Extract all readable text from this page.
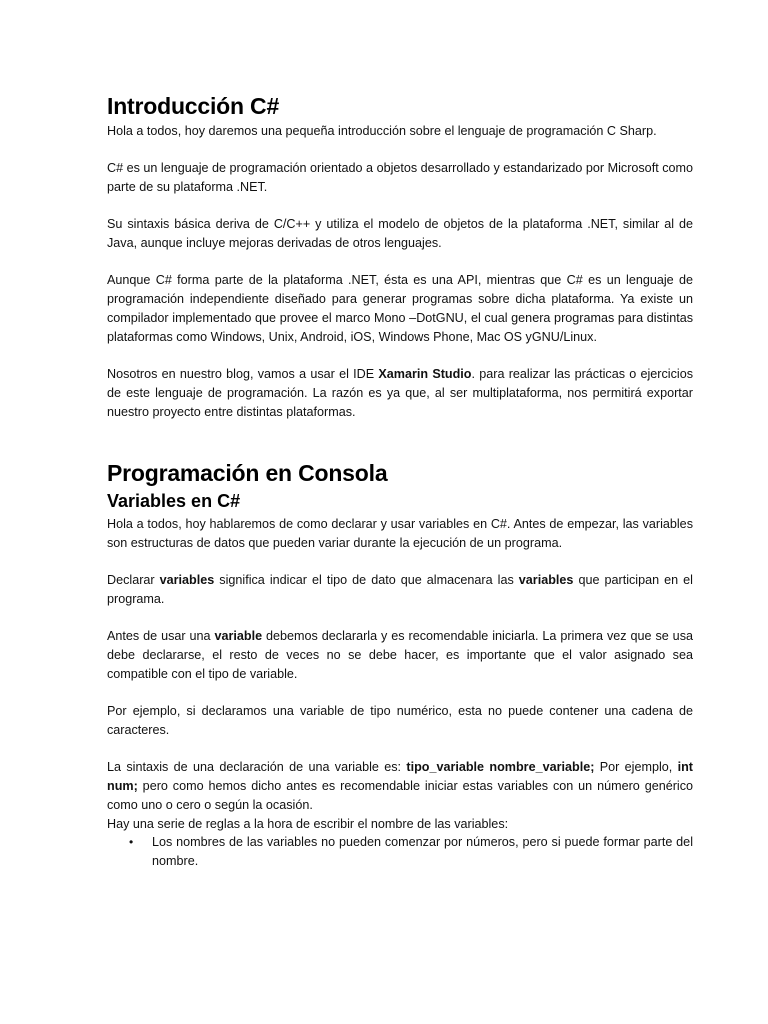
Introducción C#

Hola a todos, hoy daremos una pequeña introducción sobre el lenguaje de programación C Sharp.

C# es un lenguaje de programación orientado a objetos desarrollado y estandarizado por Microsoft como parte de su plataforma .NET.

Su sintaxis básica deriva de C/C++ y utiliza el modelo de objetos de la plataforma .NET, similar al de Java, aunque incluye mejoras derivadas de otros lenguajes.

Aunque C# forma parte de la plataforma .NET, ésta es una API, mientras que C# es un lenguaje de programación independiente diseñado para generar programas sobre dicha plataforma. Ya existe un compilador implementado que provee el marco Mono –DotGNU, el cual genera programas para distintas plataformas como Windows, Unix, Android, iOS, Windows Phone, Mac OS yGNU/Linux.

Nosotros en nuestro blog, vamos a usar el IDE Xamarin Studio. para realizar las prácticas o ejercicios de este lenguaje de programación. La razón es ya que, al ser multiplataforma, nos permitirá exportar nuestro proyecto entre distintas plataformas.

Programación en Consola
Variables en C#

Hola a todos, hoy hablaremos de como declarar y usar variables en C#. Antes de empezar, las variables son estructuras de datos que pueden variar durante la ejecución de un programa.

Declarar variables significa indicar el tipo de dato que almacenara las variables que participan en el programa.

Antes de usar una variable debemos declararla y es recomendable iniciarla. La primera vez que se usa debe declararse, el resto de veces no se debe hacer, es importante que el valor asignado sea compatible con el tipo de variable.

Por ejemplo, si declaramos una variable de tipo numérico, esta no puede contener una cadena de caracteres.

La sintaxis de una declaración de una variable es: tipo_variable nombre_variable; Por ejemplo, int num; pero como hemos dicho antes es recomendable iniciar estas variables con un número genérico como uno o cero o según la ocasión.

Hay una serie de reglas a la hora de escribir el nombre de las variables:

• Los nombres de las variables no pueden comenzar por números, pero si puede formar parte del nombre.
